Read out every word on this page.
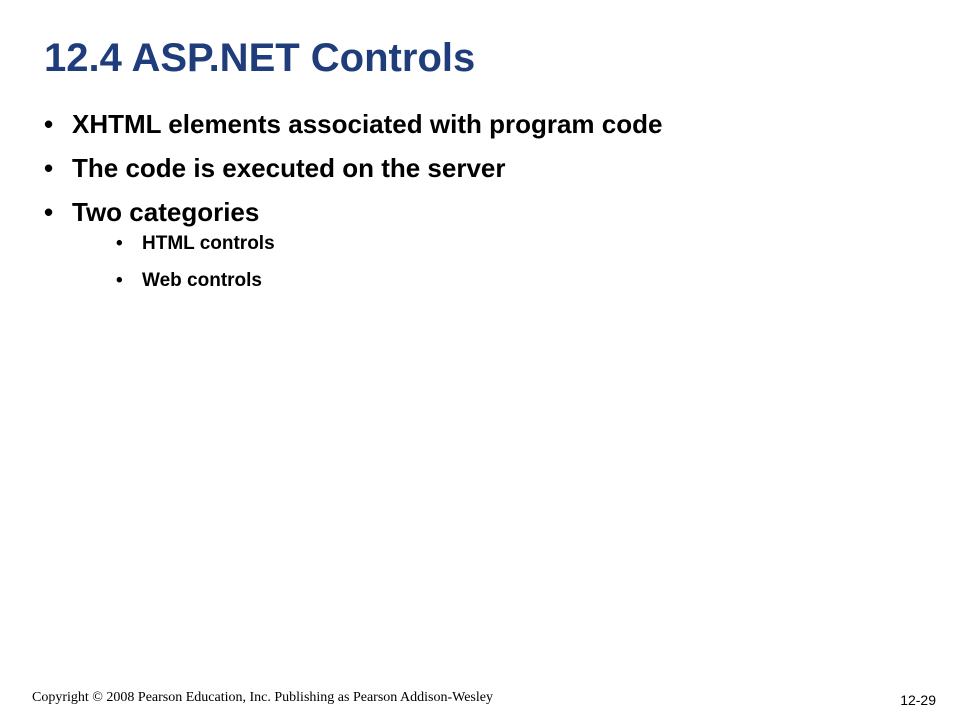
12.4 ASP.NET Controls
• XHTML elements associated with program code
• The code is executed on the server
• Two categories
• HTML controls
• Web controls
Copyright © 2008 Pearson Education, Inc. Publishing as Pearson Addison-Wesley	12-29
